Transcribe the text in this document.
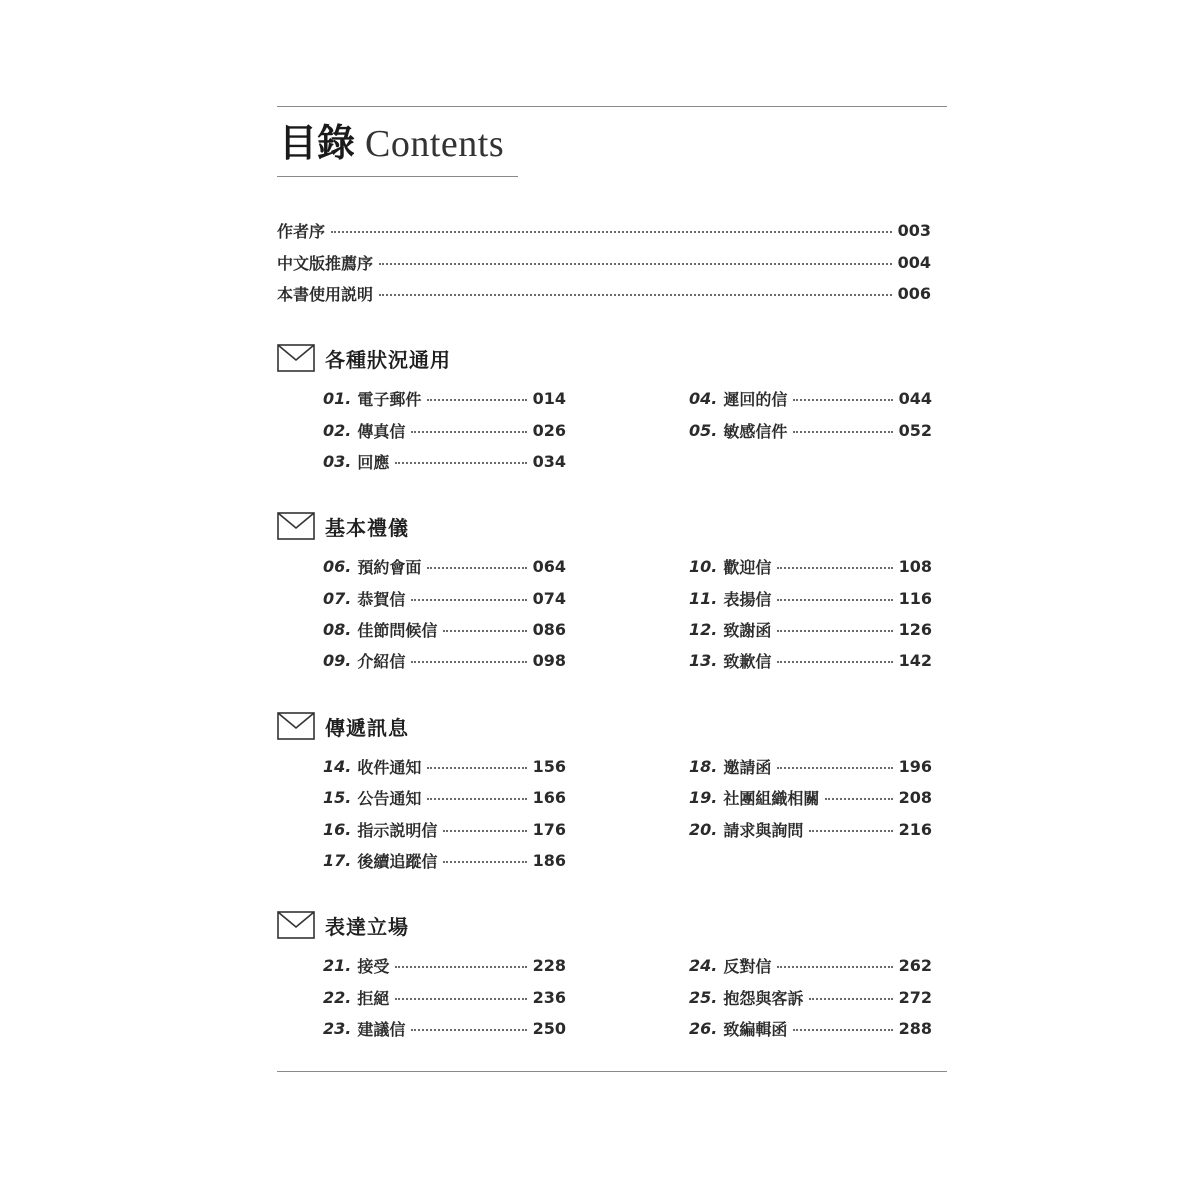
目錄 Contents
作者序	003
中文版推薦序	004
本書使用説明	006
各種狀況通用
01. 電子郵件	014
02. 傳真信	026
03. 回應	034
04. 遲回的信	044
05. 敏感信件	052
基本禮儀
06. 預約會面	064
07. 恭賀信	074
08. 佳節問候信	086
09. 介紹信	098
10. 歡迎信	108
11. 表揚信	116
12. 致謝函	126
13. 致歉信	142
傳遞訊息
14. 收件通知	156
15. 公告通知	166
16. 指示説明信	176
17. 後續追蹤信	186
18. 邀請函	196
19. 社團組織相關	208
20. 請求與詢問	216
表達立場
21. 接受	228
22. 拒絕	236
23. 建議信	250
24. 反對信	262
25. 抱怨與客訴	272
26. 致編輯函	288
